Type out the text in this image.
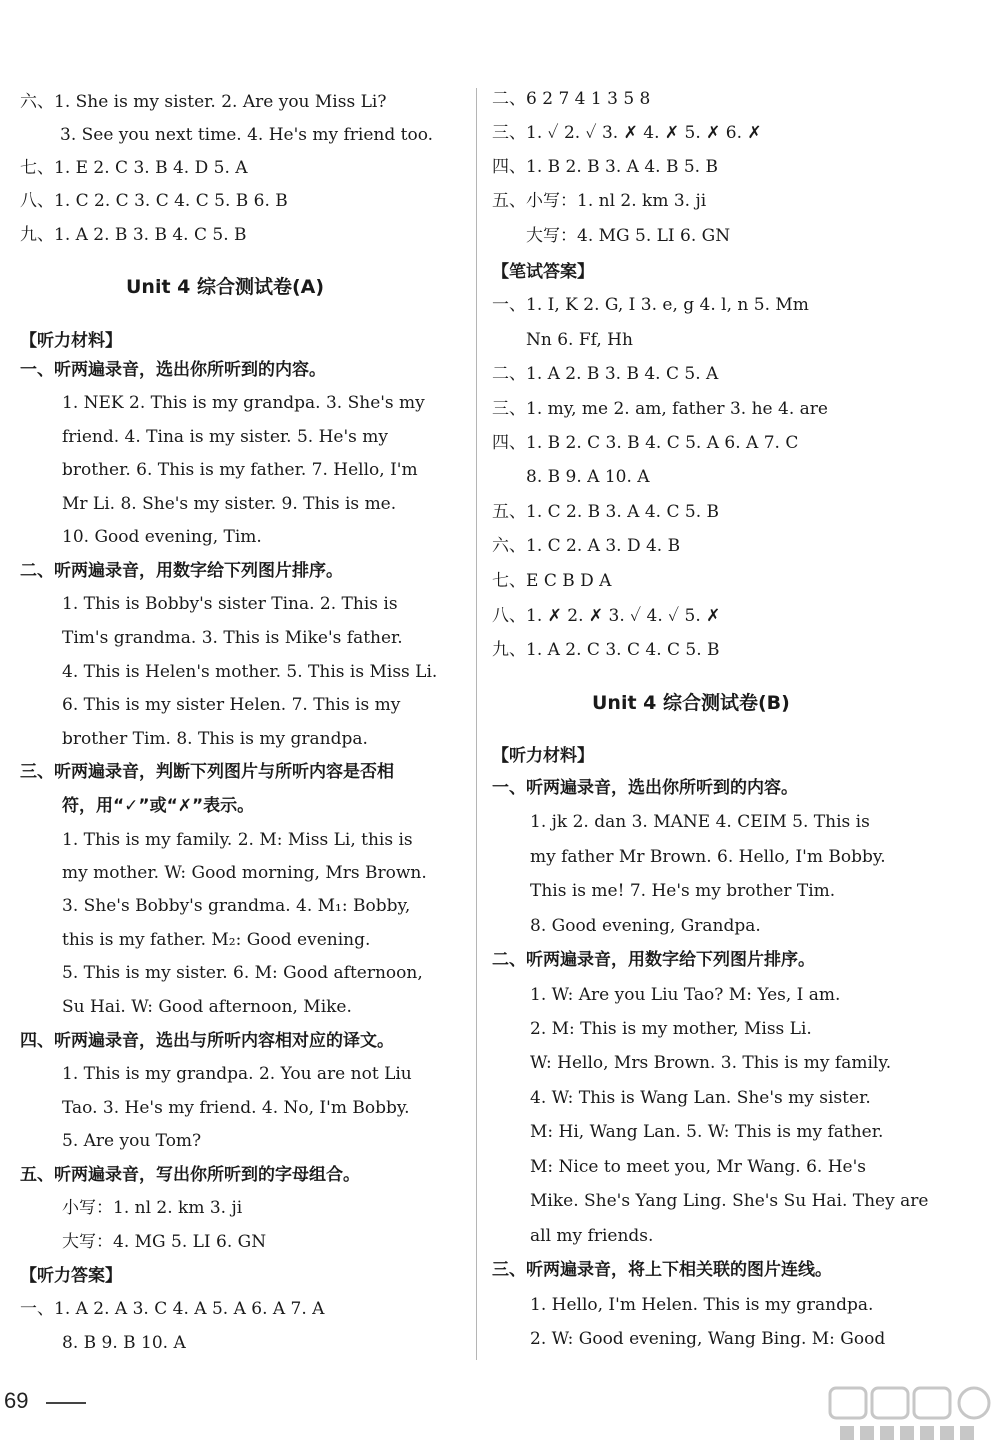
六、1. She is my sister. 2. Are you Miss Li?
3. See you next time. 4. He's my friend too.
七、1. E 2. C 3. B 4. D 5. A
八、1. C 2. C 3. C 4. C 5. B 6. B
九、1. A 2. B 3. B 4. C 5. B
Unit 4 综合测试卷(A)
【听力材料】
一、听两遍录音，选出你所听到的内容。
1. NEK 2. This is my grandpa. 3. She's my
friend. 4. Tina is my sister. 5. He's my
brother. 6. This is my father. 7. Hello, I'm
Mr Li. 8. She's my sister. 9. This is me.
10. Good evening, Tim.
二、听两遍录音，用数字给下列图片排序。
1. This is Bobby's sister Tina. 2. This is
Tim's grandma. 3. This is Mike's father.
4. This is Helen's mother. 5. This is Miss Li.
6. This is my sister Helen. 7. This is my
brother Tim. 8. This is my grandpa.
三、听两遍录音，判断下列图片与所听内容是否相
符，用“✓”或“✗”表示。
1. This is my family. 2. M: Miss Li, this is
my mother. W: Good morning, Mrs Brown.
3. She's Bobby's grandma. 4. M₁: Bobby,
this is my father. M₂: Good evening.
5. This is my sister. 6. M: Good afternoon,
Su Hai. W: Good afternoon, Mike.
四、听两遍录音，选出与所听内容相对应的译文。
1. This is my grandpa. 2. You are not Liu
Tao. 3. He's my friend. 4. No, I'm Bobby.
5. Are you Tom?
五、听两遍录音，写出你所听到的字母组合。
小写：1. nl 2. km 3. ji
大写：4. MG 5. LI 6. GN
【听力答案】
一、1. A 2. A 3. C 4. A 5. A 6. A 7. A
8. B 9. B 10. A
二、6 2 7 4 1 3 5 8
三、1. ✓ 2. ✓ 3. ✗ 4. ✗ 5. ✗ 6. ✗
四、1. B 2. B 3. A 4. B 5. B
五、小写：1. nl 2. km 3. ji
大写：4. MG 5. LI 6. GN
【笔试答案】
一、1. I, K 2. G, I 3. e, g 4. l, n 5. Mm
Nn 6. Ff, Hh
二、1. A 2. B 3. B 4. C 5. A
三、1. my, me 2. am, father 3. he 4. are
四、1. B 2. C 3. B 4. C 5. A 6. A 7. C
8. B 9. A 10. A
五、1. C 2. B 3. A 4. C 5. B
六、1. C 2. A 3. D 4. B
七、E C B D A
八、1. ✗ 2. ✗ 3. ✓ 4. ✓ 5. ✗
九、1. A 2. C 3. C 4. C 5. B
Unit 4 综合测试卷(B)
【听力材料】
一、听两遍录音，选出你所听到的内容。
1. jk 2. dan 3. MANE 4. CEIM 5. This is
my father Mr Brown. 6. Hello, I'm Bobby.
This is me! 7. He's my brother Tim.
8. Good evening, Grandpa.
二、听两遍录音，用数字给下列图片排序。
1. W: Are you Liu Tao? M: Yes, I am.
2. M: This is my mother, Miss Li.
W: Hello, Mrs Brown. 3. This is my family.
4. W: This is Wang Lan. She's my sister.
M: Hi, Wang Lan. 5. W: This is my father.
M: Nice to meet you, Mr Wang. 6. He's
Mike. She's Yang Ling. She's Su Hai. They are
all my friends.
三、听两遍录音，将上下相关联的图片连线。
1. Hello, I'm Helen. This is my grandpa.
2. W: Good evening, Wang Bing. M: Good
69
